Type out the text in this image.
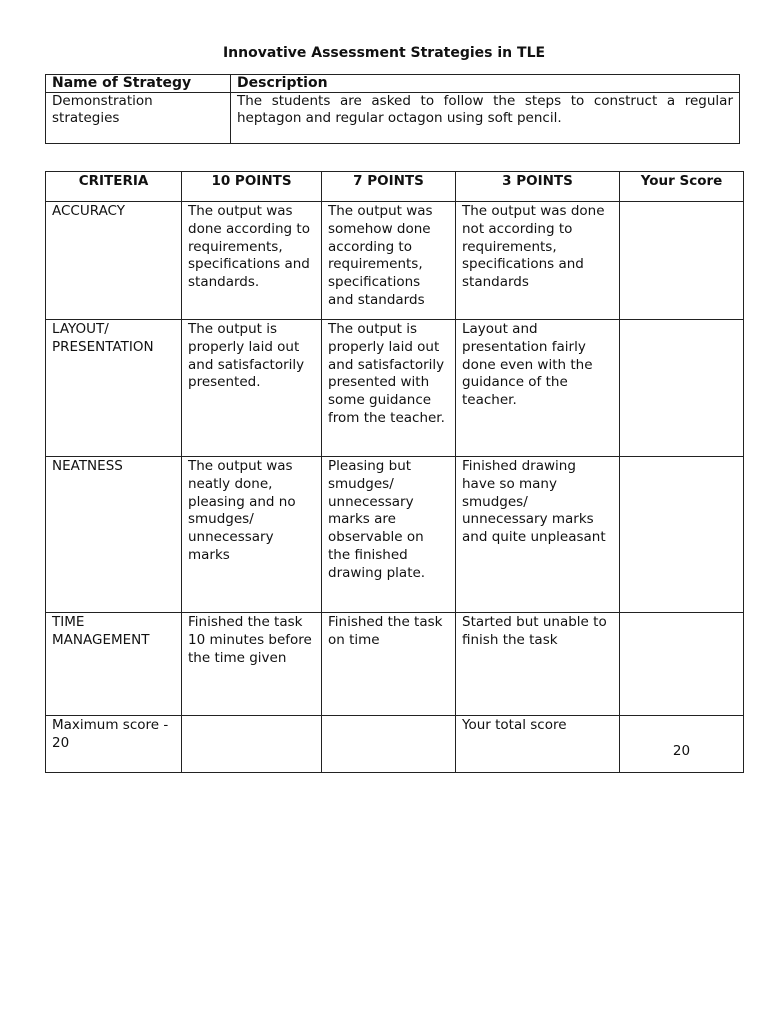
Innovative Assessment Strategies in TLE
Name of Strategy	Description
Demonstration strategies	The students are asked to follow the steps to construct a regular heptagon and regular octagon using soft pencil.
CRITERIA	10 POINTS	7 POINTS	3 POINTS	Your Score
ACCURACY	The output was done according to requirements, specifications and standards.	The output was somehow done according to requirements, specifications and standards	The output was done not according to requirements, specifications and standards	
LAYOUT/ PRESENTATION	The output is properly laid out and satisfactorily presented.	The output is properly laid out and satisfactorily presented with some guidance from the teacher.	Layout and presentation fairly done even with the guidance of the teacher.	
NEATNESS	The output was neatly done, pleasing and no smudges/ unnecessary marks	Pleasing but smudges/ unnecessary marks are observable on the finished drawing plate.	Finished drawing have so many smudges/ unnecessary marks and quite unpleasant	
TIME MANAGEMENT	Finished the task 10 minutes before the time given	Finished the task on time	Started but unable to finish the task	
Maximum score - 20			Your total score	20
